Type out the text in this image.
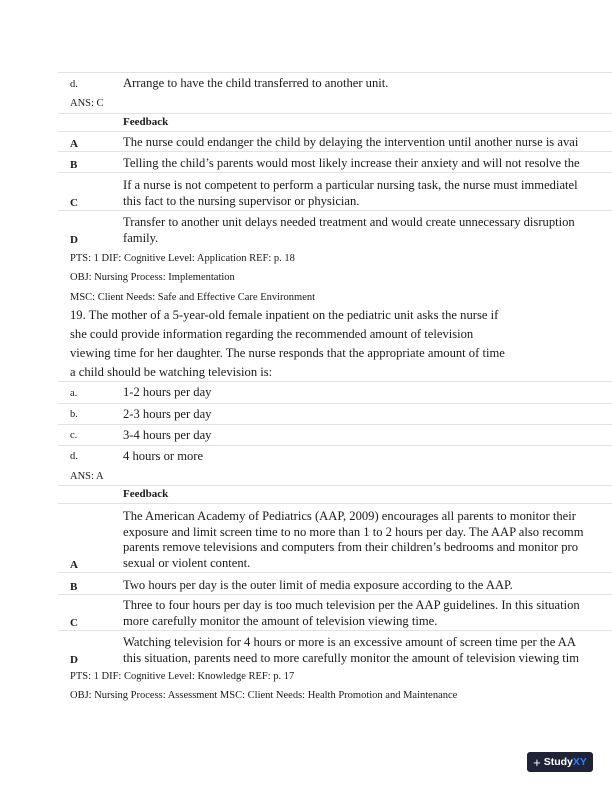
d.	Arrange to have the child transferred to another unit.
ANS: C
Feedback
A	The nurse could endanger the child by delaying the intervention until another nurse is avai
B	Telling the child’s parents would most likely increase their anxiety and will not resolve the
C
If a nurse is not competent to perform a particular nursing task, the nurse must immediatel
this fact to the nursing supervisor or physician.
D
Transfer to another unit delays needed treatment and would create unnecessary disruption
family.
PTS: 1 DIF: Cognitive Level: Application REF: p. 18
OBJ: Nursing Process: Implementation
MSC: Client Needs: Safe and Effective Care Environment
19. The mother of a 5-year-old female inpatient on the pediatric unit asks the nurse if
she could provide information regarding the recommended amount of television
viewing time for her daughter. The nurse responds that the appropriate amount of time
a child should be watching television is:
a.	1-2 hours per day
b.	2-3 hours per day
c.	3-4 hours per day
d.	4 hours or more
ANS: A
Feedback
A
The American Academy of Pediatrics (AAP, 2009) encourages all parents to monitor their
exposure and limit screen time to no more than 1 to 2 hours per day. The AAP also recomm
parents remove televisions and computers from their children’s bedrooms and monitor pro
sexual or violent content.
B	Two hours per day is the outer limit of media exposure according to the AAP.
C
Three to four hours per day is too much television per the AAP guidelines. In this situation
more carefully monitor the amount of television viewing time.
D
Watching television for 4 hours or more is an excessive amount of screen time per the AA
this situation, parents need to more carefully monitor the amount of television viewing tim
PTS: 1 DIF: Cognitive Level: Knowledge REF: p. 17
OBJ: Nursing Process: Assessment MSC: Client Needs: Health Promotion and Maintenance
+ StudyXY
